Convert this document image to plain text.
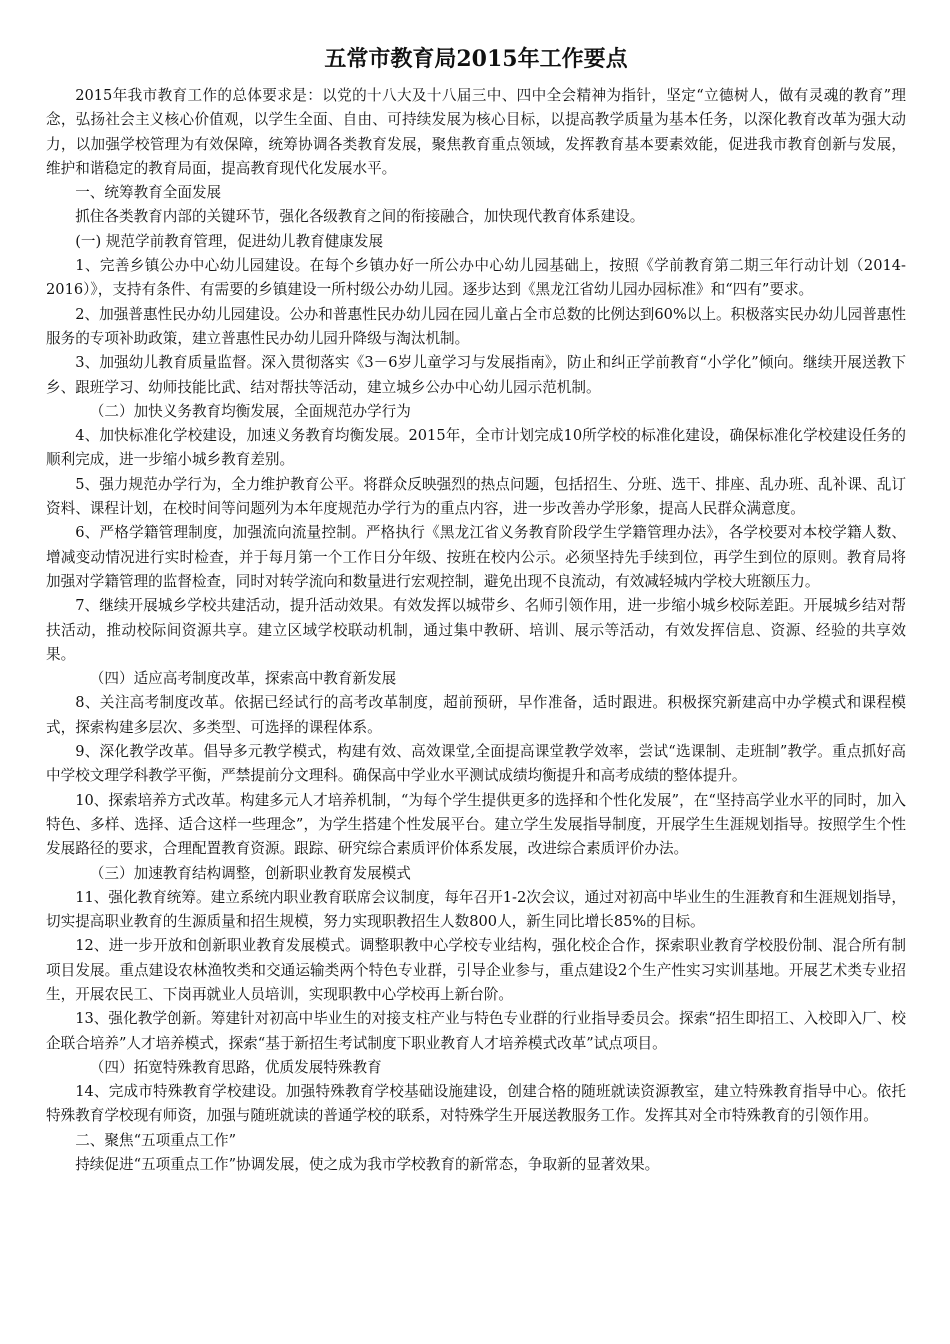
五常市教育局2015年工作要点

2015年我市教育工作的总体要求是：以党的十八大及十八届三中、四中全会精神为指针，坚定“立德树人，做有灵魂的教育”理念，弘扬社会主义核心价值观，以学生全面、自由、可持续发展为核心目标，以提高教学质量为基本任务，以深化教育改革为强大动力，以加强学校管理为有效保障，统筹协调各类教育发展，聚焦教育重点领域，发挥教育基本要素效能，促进我市教育创新与发展，维护和谐稳定的教育局面，提高教育现代化发展水平。

一、统筹教育全面发展

抓住各类教育内部的关键环节，强化各级教育之间的衔接融合，加快现代教育体系建设。

(一) 规范学前教育管理，促进幼儿教育健康发展

1、完善乡镇公办中心幼儿园建设。在每个乡镇办好一所公办中心幼儿园基础上，按照《学前教育第二期三年行动计划（2014-2016）》，支持有条件、有需要的乡镇建设一所村级公办幼儿园。逐步达到《黑龙江省幼儿园办园标准》和“四有”要求。

2、加强普惠性民办幼儿园建设。公办和普惠性民办幼儿园在园儿童占全市总数的比例达到60%以上。积极落实民办幼儿园普惠性服务的专项补助政策，建立普惠性民办幼儿园升降级与淘汰机制。

3、加强幼儿教育质量监督。深入贯彻落实《3－6岁儿童学习与发展指南》，防止和纠正学前教育“小学化”倾向。继续开展送教下乡、跟班学习、幼师技能比武、结对帮扶等活动，建立城乡公办中心幼儿园示范机制。

（二）加快义务教育均衡发展，全面规范办学行为

4、加快标准化学校建设，加速义务教育均衡发展。2015年，全市计划完成10所学校的标准化建设，确保标准化学校建设任务的顺利完成，进一步缩小城乡教育差别。

5、强力规范办学行为，全力维护教育公平。将群众反映强烈的热点问题，包括招生、分班、选干、排座、乱办班、乱补课、乱订资料、课程计划，在校时间等问题列为本年度规范办学行为的重点内容，进一步改善办学形象，提高人民群众满意度。

6、严格学籍管理制度，加强流向流量控制。严格执行《黑龙江省义务教育阶段学生学籍管理办法》，各学校要对本校学籍人数、增减变动情况进行实时检查，并于每月第一个工作日分年级、按班在校内公示。必须坚持先手续到位，再学生到位的原则。教育局将加强对学籍管理的监督检查，同时对转学流向和数量进行宏观控制，避免出现不良流动，有效减轻城内学校大班额压力。

7、继续开展城乡学校共建活动，提升活动效果。有效发挥以城带乡、名师引领作用，进一步缩小城乡校际差距。开展城乡结对帮扶活动，推动校际间资源共享。建立区域学校联动机制，通过集中教研、培训、展示等活动，有效发挥信息、资源、经验的共享效果。

（四）适应高考制度改革，探索高中教育新发展

8、关注高考制度改革。依据已经试行的高考改革制度，超前预研，早作准备，适时跟进。积极探究新建高中办学模式和课程模式，探索构建多层次、多类型、可选择的课程体系。

9、深化教学改革。倡导多元教学模式，构建有效、高效课堂,全面提高课堂教学效率，尝试“选课制、走班制”教学。重点抓好高中学校文理学科教学平衡，严禁提前分文理科。确保高中学业水平测试成绩均衡提升和高考成绩的整体提升。

10、探索培养方式改革。构建多元人才培养机制，“为每个学生提供更多的选择和个性化发展”，在“坚持高学业水平的同时，加入特色、多样、选择、适合这样一些理念”，为学生搭建个性发展平台。建立学生发展指导制度，开展学生生涯规划指导。按照学生个性发展路径的要求，合理配置教育资源。跟踪、研究综合素质评价体系发展，改进综合素质评价办法。

（三）加速教育结构调整，创新职业教育发展模式

11、强化教育统筹。建立系统内职业教育联席会议制度，每年召开1-2次会议，通过对初高中毕业生的生涯教育和生涯规划指导，切实提高职业教育的生源质量和招生规模，努力实现职教招生人数800人，新生同比增长85%的目标。

12、进一步开放和创新职业教育发展模式。调整职教中心学校专业结构，强化校企合作，探索职业教育学校股份制、混合所有制项目发展。重点建设农林渔牧类和交通运输类两个特色专业群，引导企业参与，重点建设2个生产性实习实训基地。开展艺术类专业招生，开展农民工、下岗再就业人员培训，实现职教中心学校再上新台阶。

13、强化教学创新。筹建针对初高中毕业生的对接支柱产业与特色专业群的行业指导委员会。探索“招生即招工、入校即入厂、校企联合培养”人才培养模式，探索“基于新招生考试制度下职业教育人才培养模式改革”试点项目。

（四）拓宽特殊教育思路，优质发展特殊教育

14、完成市特殊教育学校建设。加强特殊教育学校基础设施建设，创建合格的随班就读资源教室，建立特殊教育指导中心。依托特殊教育学校现有师资，加强与随班就读的普通学校的联系，对特殊学生开展送教服务工作。发挥其对全市特殊教育的引领作用。

二、聚焦“五项重点工作”

持续促进“五项重点工作”协调发展，使之成为我市学校教育的新常态，争取新的显著效果。
